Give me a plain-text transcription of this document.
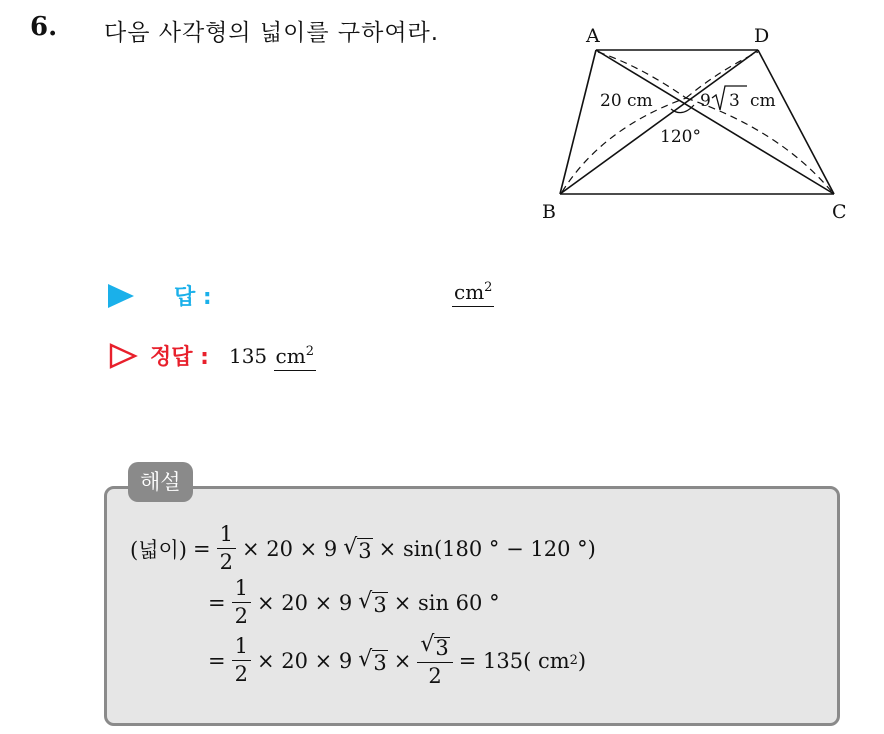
6. 다음 사각형의 넓이를 구하여라.	A	D
B	C
20 cm	9 3 cm
120°
답 :	$cm^2$
정답 : 135 $cm^2$
해설
(넓이) = $\frac{1}{2} \times 20 \times 9$ √ 3 × sin(180 ° − 120 °)
= $\frac{1}{2} \times 20 \times 9$ √ 3 × sin 60 °
= $\frac{1}{2} \times 20 \times 9$ √ $3 \times \frac{√ 3}{2} = 135$( cm 2 )
